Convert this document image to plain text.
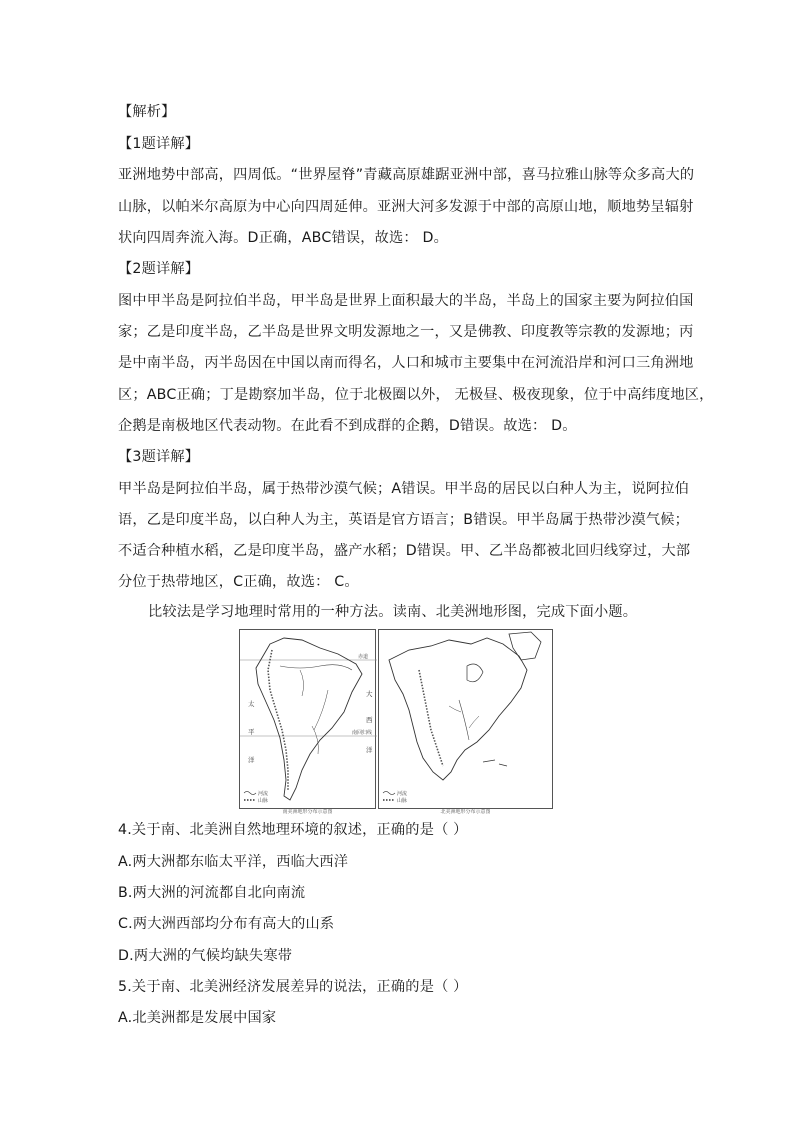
【解析】
【1题详解】
亚洲地势中部高，四周低。“世界屋脊”青藏高原雄踞亚洲中部，喜马拉雅山脉等众多高大的
山脉，以帕米尔高原为中心向四周延伸。亚洲大河多发源于中部的高原山地，顺地势呈辐射
状向四周奔流入海。D正确，ABC错误，故选： D。
【2题详解】
图中甲半岛是阿拉伯半岛，甲半岛是世界上面积最大的半岛，半岛上的国家主要为阿拉伯国
家；乙是印度半岛，乙半岛是世界文明发源地之一，又是佛教、印度教等宗教的发源地；丙
是中南半岛，丙半岛因在中国以南而得名，人口和城市主要集中在河流沿岸和河口三角洲地
区；ABC正确；丁是勘察加半岛，位于北极圈以外， 无极昼、极夜现象，位于中高纬度地区，
企鹅是南极地区代表动物。在此看不到成群的企鹅，D错误。故选： D。
【3题详解】
甲半岛是阿拉伯半岛，属于热带沙漠气候；A错误。甲半岛的居民以白种人为主，说阿拉伯
语，乙是印度半岛，以白种人为主，英语是官方语言；B错误。甲半岛属于热带沙漠气候；
不适合种植水稻，乙是印度半岛，盛产水稻；D错误。甲、乙半岛都被北回归线穿过，大部
分位于热带地区，C正确，故选： C。
比较法是学习地理时常用的一种方法。读南、北美洲地形图，完成下面小题。
太
平
洋
大
西
洋
赤道
南回归线
河流
山脉
河流
山脉
南美洲地形分布示意图	北美洲地形分布示意图
4.关于南、北美洲自然地理环境的叙述，正确的是（ ）
A.两大洲都东临太平洋，西临大西洋
B.两大洲的河流都自北向南流
C.两大洲西部均分布有高大的山系
D.两大洲的气候均缺失寒带
5.关于南、北美洲经济发展差异的说法，正确的是（ ）
A.北美洲都是发展中国家
